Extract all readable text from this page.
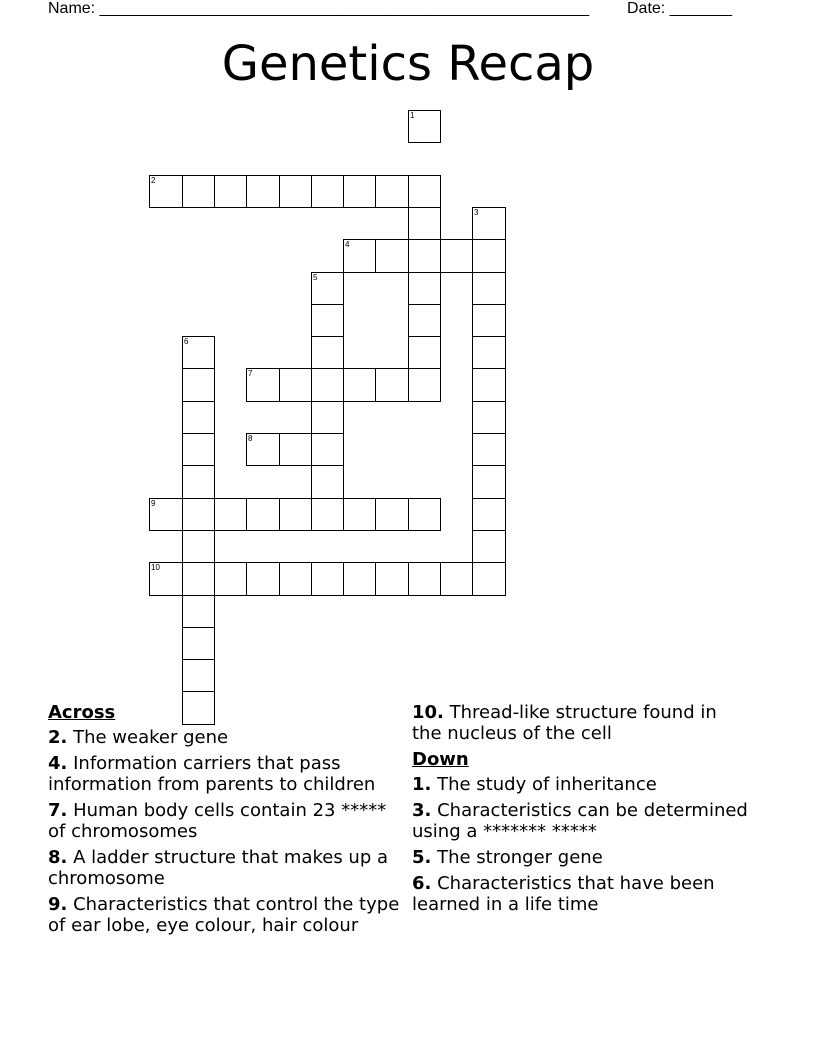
Name: _______________________________________________________ Date: _______
Genetics Recap
1
2
3
4
5
6
7
8
9
10
Across
2. The weaker gene
4. Information carriers that pass information from parents to children
7. Human body cells contain 23 ***** of chromosomes
8. A ladder structure that makes up a chromosome
9. Characteristics that control the type of ear lobe, eye colour, hair colour
10. Thread-like structure found in the nucleus of the cell
Down
1. The study of inheritance
3. Characteristics can be determined using a ******* *****
5. The stronger gene
6. Characteristics that have been learned in a life time
